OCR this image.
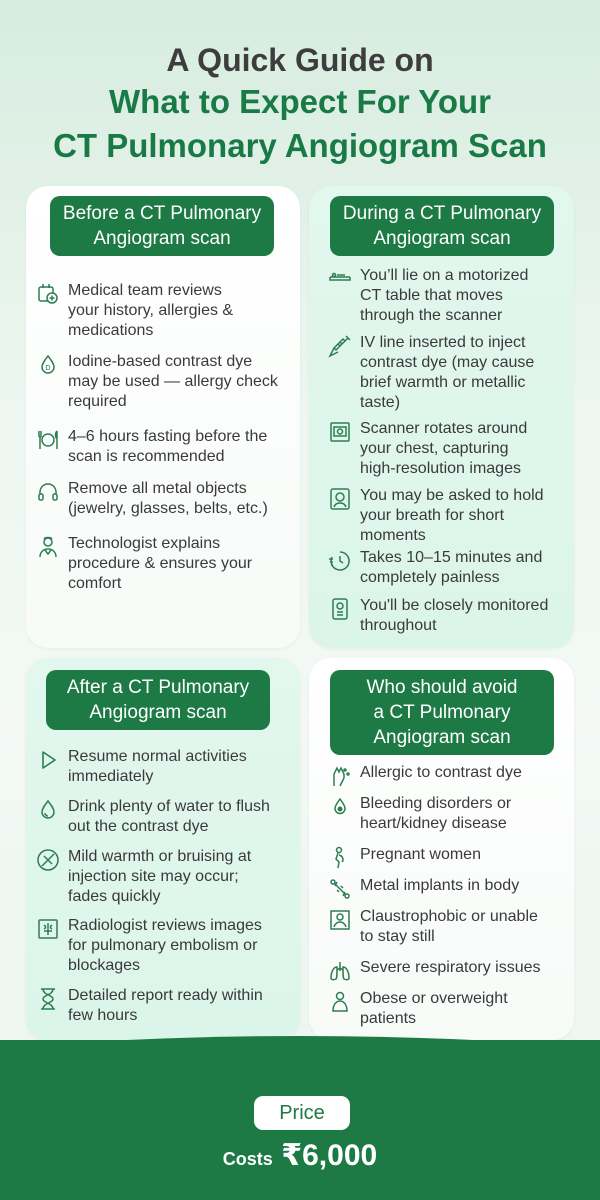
A Quick Guide on
What to Expect For Your
CT Pulmonary Angiogram Scan
Before a CT Pulmonary
Angiogram scan
During a CT Pulmonary
Angiogram scan
After a CT Pulmonary
Angiogram scan
Who should avoid
a CT Pulmonary
Angiogram scan
Medical team reviews
your history, allergies &
medications
D Iodine-based contrast dye
may be used — allergy check
required
4–6 hours fasting before the
scan is recommended
Remove all metal objects
(jewelry, glasses, belts, etc.)
Technologist explains
procedure & ensures your
comfort
You’ll lie on a motorized
CT table that moves
through the scanner
IV line inserted to inject
contrast dye (may cause
brief warmth or metallic
taste)
Scanner rotates around
your chest, capturing
high-resolution images
You may be asked to hold
your breath for short
moments
Takes 10–15 minutes and
completely painless
You'll be closely monitored
throughout
Resume normal activities
immediately
Drink plenty of water to flush
out the contrast dye
Mild warmth or bruising at
injection site may occur;
fades quickly
Radiologist reviews images
for pulmonary embolism or
blockages
Detailed report ready within
few hours
Allergic to contrast dye
Bleeding disorders or
heart/kidney disease
Pregnant women
Metal implants in body
Claustrophobic or unable
to stay still
Severe respiratory issues
Obese or overweight
patients
Price
Costs ₹6,000
